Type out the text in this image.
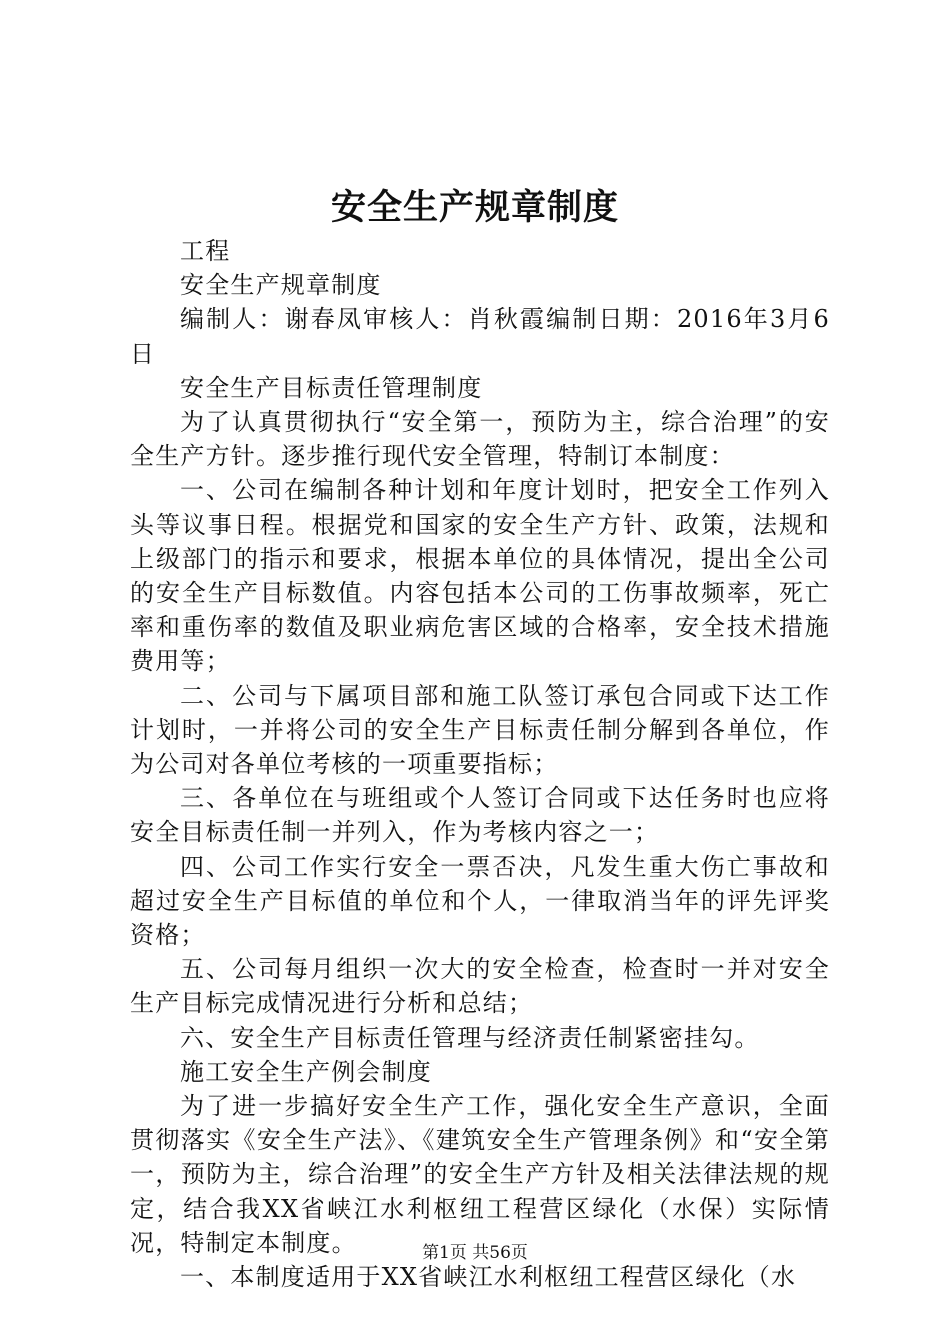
安全生产规章制度

工程

安全生产规章制度

编制人：谢春凤审核人：肖秋霞编制日期：2016年3月6日

安全生产目标责任管理制度

为了认真贯彻执行“安全第一，预防为主，综合治理”的安全生产方针。逐步推行现代安全管理，特制订本制度：

一、公司在编制各种计划和年度计划时，把安全工作列入头等议事日程。根据党和国家的安全生产方针、政策，法规和上级部门的指示和要求，根据本单位的具体情况，提出全公司的安全生产目标数值。内容包括本公司的工伤事故频率，死亡率和重伤率的数值及职业病危害区域的合格率，安全技术措施费用等；

二、公司与下属项目部和施工队签订承包合同或下达工作计划时，一并将公司的安全生产目标责任制分解到各单位，作为公司对各单位考核的一项重要指标；

三、各单位在与班组或个人签订合同或下达任务时也应将安全目标责任制一并列入，作为考核内容之一；

四、公司工作实行安全一票否决，凡发生重大伤亡事故和超过安全生产目标值的单位和个人，一律取消当年的评先评奖资格；

五、公司每月组织一次大的安全检查，检查时一并对安全生产目标完成情况进行分析和总结；

六、安全生产目标责任管理与经济责任制紧密挂勾。

施工安全生产例会制度

为了进一步搞好安全生产工作，强化安全生产意识，全面贯彻落实《安全生产法》、《建筑安全生产管理条例》和“安全第一，预防为主，综合治理”的安全生产方针及相关法律法规的规定，结合我XX省峡江水利枢纽工程营区绿化（水保）实际情况，特制定本制度。

一、本制度适用于XX省峡江水利枢纽工程营区绿化（水

第1页 共56页
